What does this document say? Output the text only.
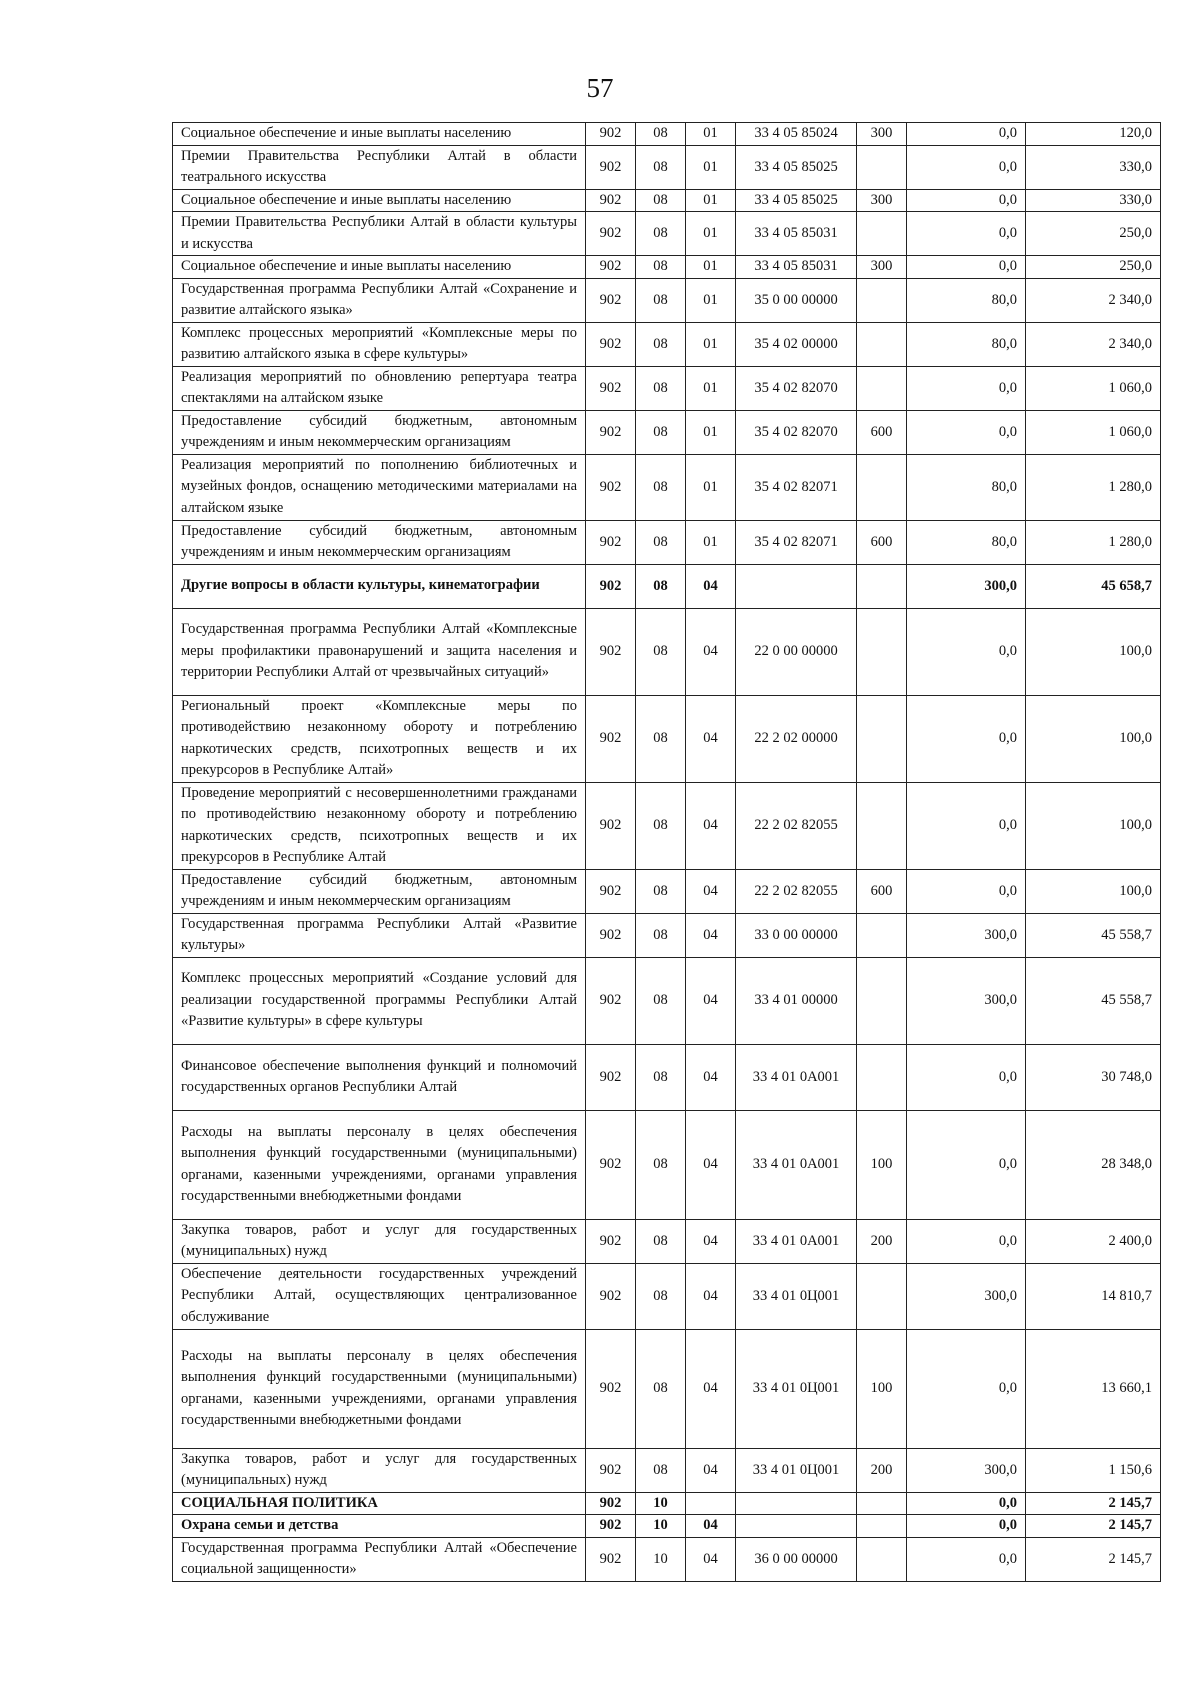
57
Социальное обеспечение и иные выплаты населению	902	08	01	33 4 05 85024	300	0,0	120,0
Премии Правительства Республики Алтай в области театрального искусства	902	08	01	33 4 05 85025		0,0	330,0
Социальное обеспечение и иные выплаты населению	902	08	01	33 4 05 85025	300	0,0	330,0
Премии Правительства Республики Алтай в области культуры и искусства	902	08	01	33 4 05 85031		0,0	250,0
Социальное обеспечение и иные выплаты населению	902	08	01	33 4 05 85031	300	0,0	250,0
Государственная программа Республики Алтай «Сохранение и развитие алтайского языка»	902	08	01	35 0 00 00000		80,0	2 340,0
Комплекс процессных мероприятий «Комплексные меры по развитию алтайского языка в сфере культуры»	902	08	01	35 4 02 00000		80,0	2 340,0
Реализация мероприятий по обновлению репертуара театра спектаклями на алтайском языке	902	08	01	35 4 02 82070		0,0	1 060,0
Предоставление субсидий бюджетным, автономным учреждениям и иным некоммерческим организациям	902	08	01	35 4 02 82070	600	0,0	1 060,0
Реализация мероприятий по пополнению библиотечных и музейных фондов, оснащению методическими материалами на алтайском языке	902	08	01	35 4 02 82071		80,0	1 280,0
Предоставление субсидий бюджетным, автономным учреждениям и иным некоммерческим организациям	902	08	01	35 4 02 82071	600	80,0	1 280,0
Другие вопросы в области культуры, кинематографии	902	08	04			300,0	45 658,7
Государственная программа Республики Алтай «Комплексные меры профилактики правонарушений и защита населения и территории Республики Алтай от чрезвычайных ситуаций»	902	08	04	22 0 00 00000		0,0	100,0
Региональный проект «Комплексные меры по противодействию незаконному обороту и потреблению наркотических средств, психотропных веществ и их прекурсоров в Республике Алтай»	902	08	04	22 2 02 00000		0,0	100,0
Проведение мероприятий с несовершеннолетними гражданами по противодействию незаконному обороту и потреблению наркотических средств, психотропных веществ и их прекурсоров в Республике Алтай	902	08	04	22 2 02 82055		0,0	100,0
Предоставление субсидий бюджетным, автономным учреждениям и иным некоммерческим организациям	902	08	04	22 2 02 82055	600	0,0	100,0
Государственная программа Республики Алтай «Развитие культуры»	902	08	04	33 0 00 00000		300,0	45 558,7
Комплекс процессных мероприятий «Создание условий для реализации государственной программы Республики Алтай «Развитие культуры» в сфере культуры	902	08	04	33 4 01 00000		300,0	45 558,7
Финансовое обеспечение выполнения функций и полномочий государственных органов Республики Алтай	902	08	04	33 4 01 0А001		0,0	30 748,0
Расходы на выплаты персоналу в целях обеспечения выполнения функций государственными (муниципальными) органами, казенными учреждениями, органами управления государственными внебюджетными фондами	902	08	04	33 4 01 0А001	100	0,0	28 348,0
Закупка товаров, работ и услуг для государственных (муниципальных) нужд	902	08	04	33 4 01 0А001	200	0,0	2 400,0
Обеспечение деятельности государственных учреждений Республики Алтай, осуществляющих централизованное обслуживание	902	08	04	33 4 01 0Ц001		300,0	14 810,7
Расходы на выплаты персоналу в целях обеспечения выполнения функций государственными (муниципальными) органами, казенными учреждениями, органами управления государственными внебюджетными фондами	902	08	04	33 4 01 0Ц001	100	0,0	13 660,1
Закупка товаров, работ и услуг для государственных (муниципальных) нужд	902	08	04	33 4 01 0Ц001	200	300,0	1 150,6
СОЦИАЛЬНАЯ ПОЛИТИКА	902	10				0,0	2 145,7
Охрана семьи и детства	902	10	04			0,0	2 145,7
Государственная программа Республики Алтай «Обеспечение социальной защищенности»	902	10	04	36 0 00 00000		0,0	2 145,7
